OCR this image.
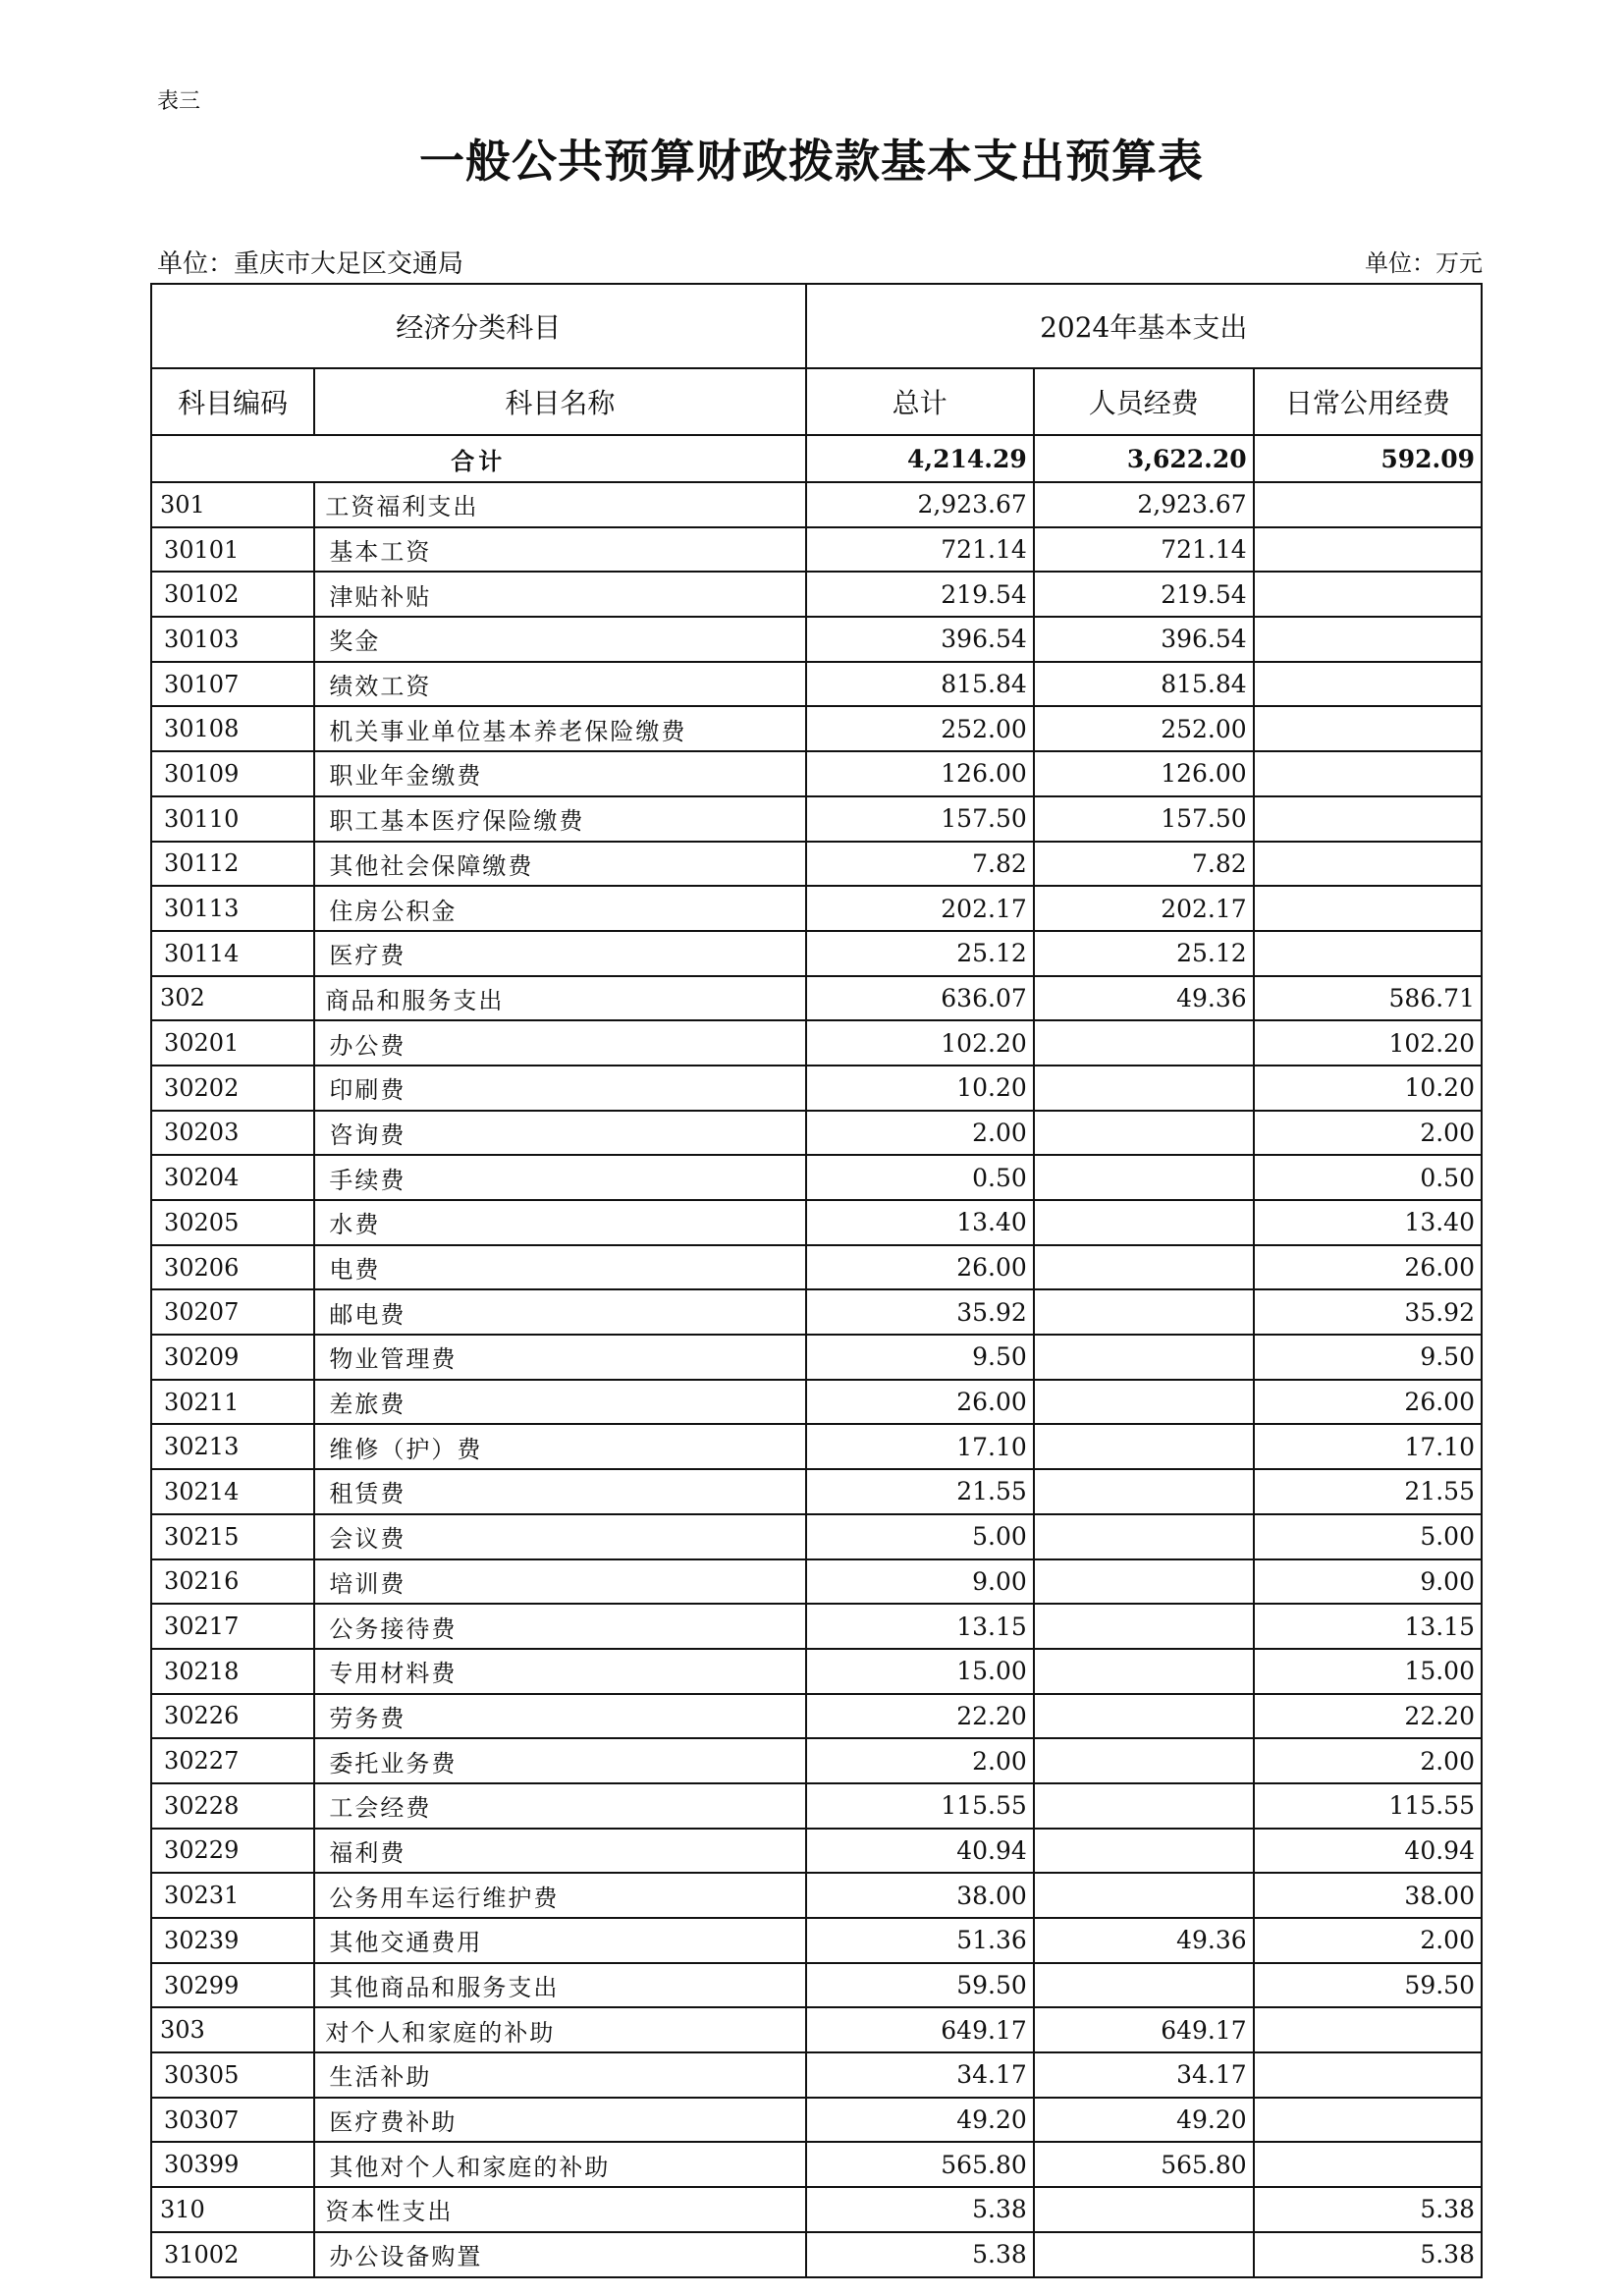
表三
一般公共预算财政拨款基本支出预算表
单位：重庆市大足区交通局	单位：万元
经济分类科目		2024年基本支出		
科目编码	科目名称	总计	人员经费	日常公用经费
合计		4,214.29	3,622.20	592.09
301	工资福利支出	2,923.67	2,923.67	
30101	基本工资	721.14	721.14	
30102	津贴补贴	219.54	219.54	
30103	奖金	396.54	396.54	
30107	绩效工资	815.84	815.84	
30108	机关事业单位基本养老保险缴费	252.00	252.00	
30109	职业年金缴费	126.00	126.00	
30110	职工基本医疗保险缴费	157.50	157.50	
30112	其他社会保障缴费	7.82	7.82	
30113	住房公积金	202.17	202.17	
30114	医疗费	25.12	25.12	
302	商品和服务支出	636.07	49.36	586.71
30201	办公费	102.20		102.20
30202	印刷费	10.20		10.20
30203	咨询费	2.00		2.00
30204	手续费	0.50		0.50
30205	水费	13.40		13.40
30206	电费	26.00		26.00
30207	邮电费	35.92		35.92
30209	物业管理费	9.50		9.50
30211	差旅费	26.00		26.00
30213	维修（护）费	17.10		17.10
30214	租赁费	21.55		21.55
30215	会议费	5.00		5.00
30216	培训费	9.00		9.00
30217	公务接待费	13.15		13.15
30218	专用材料费	15.00		15.00
30226	劳务费	22.20		22.20
30227	委托业务费	2.00		2.00
30228	工会经费	115.55		115.55
30229	福利费	40.94		40.94
30231	公务用车运行维护费	38.00		38.00
30239	其他交通费用	51.36	49.36	2.00
30299	其他商品和服务支出	59.50		59.50
303	对个人和家庭的补助	649.17	649.17	
30305	生活补助	34.17	34.17	
30307	医疗费补助	49.20	49.20	
30399	其他对个人和家庭的补助	565.80	565.80	
310	资本性支出	5.38		5.38
31002	办公设备购置	5.38		5.38
